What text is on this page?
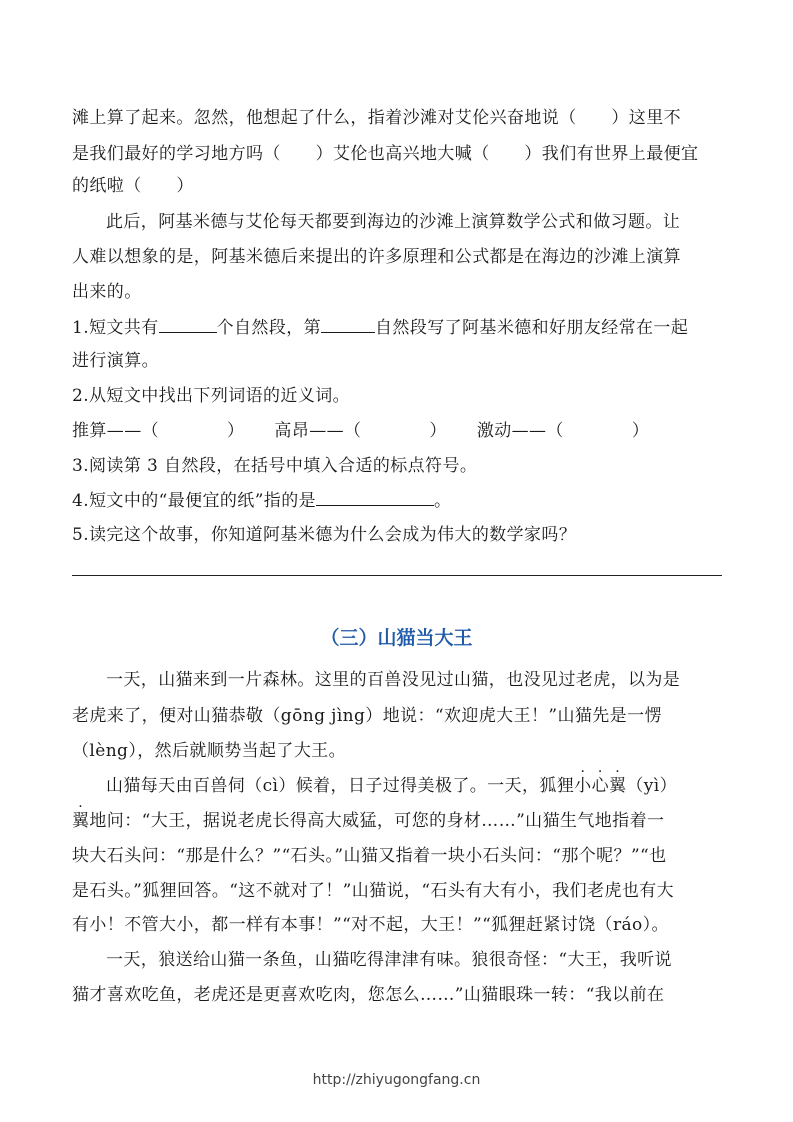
滩上算了起来。忽然，他想起了什么，指着沙滩对艾伦兴奋地说（　　）这里不
是我们最好的学习地方吗（　　）艾伦也高兴地大喊（　　）我们有世界上最便宜
的纸啦（　　）
此后，阿基米德与艾伦每天都要到海边的沙滩上演算数学公式和做习题。让
人难以想象的是，阿基米德后来提出的许多原理和公式都是在海边的沙滩上演算
出来的。
1.短文共有	个自然段，第	自然段写了阿基米德和好朋友经常在一起
进行演算。
2.从短文中找出下列词语的近义词。
推算——（	） 高昂——（	） 激动——（	）
3.阅读第 3 自然段，在括号中填入合适的标点符号。
4.短文中的“最便宜的纸”指的是	。
5.读完这个故事，你知道阿基米德为什么会成为伟大的数学家吗？
（三）山猫当大王
一天，山猫来到一片森林。这里的百兽没见过山猫，也没见过老虎，以为是
老虎来了，便对山猫恭敬（gōng jìng）地说：“欢迎虎大王！”山猫先是一愣
（lèng），然后就顺势当起了大王。
山猫每天由百兽伺（cì）候着，日子过得美极了。一天，狐狸小心翼（yì）
翼地问：“大王，据说老虎长得高大威猛，可您的身材……”山猫生气地指着一
块大石头问：“那是什么？”“石头。”山猫又指着一块小石头问：“那个呢？”“也
是石头。”狐狸回答。“这不就对了！”山猫说，“石头有大有小，我们老虎也有大
有小！不管大小，都一样有本事！”“对不起，大王！”“狐狸赶紧讨饶（ráo）。
一天，狼送给山猫一条鱼，山猫吃得津津有味。狼很奇怪：“大王，我听说
猫才喜欢吃鱼，老虎还是更喜欢吃肉，您怎么……”山猫眼珠一转：“我以前在
http://zhiyugongfang.cn
